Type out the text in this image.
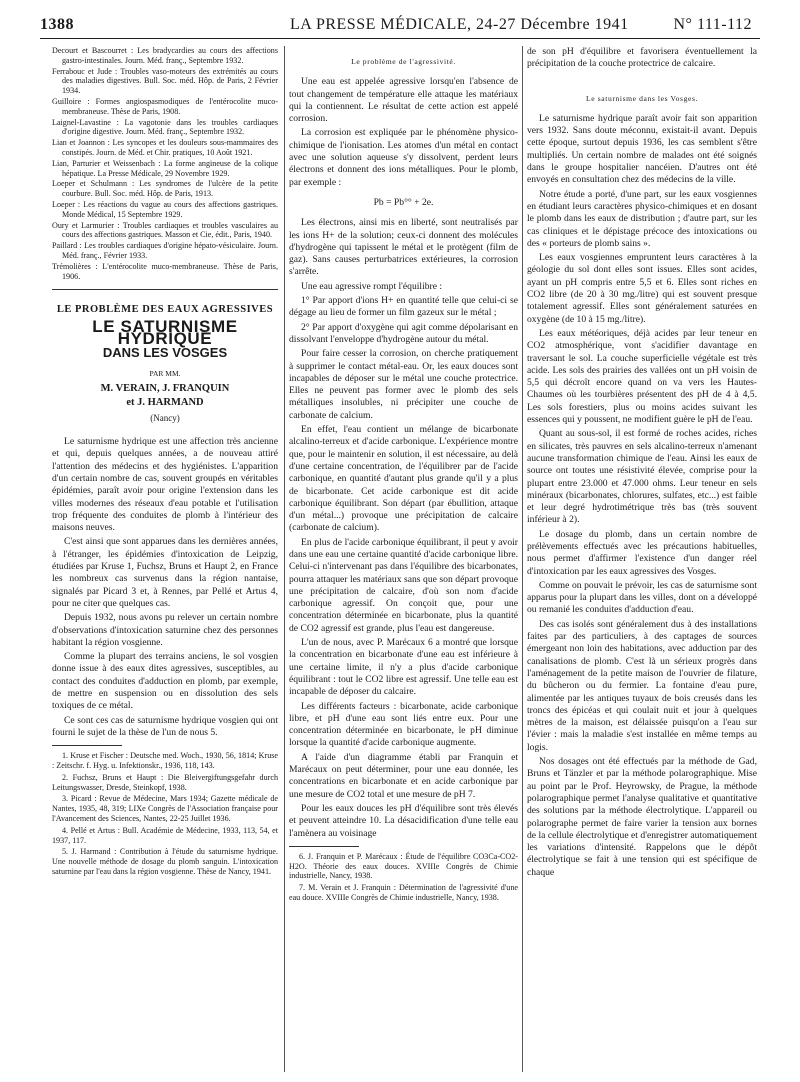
1388	LA PRESSE MÉDICALE, 24-27 Décembre 1941	N° 111-112

Decourt et Bascourret : Les bradycardies au cours des affections gastro-intestinales. Journ. Méd. franç., Septembre 1932.

Ferrabouc et Jude : Troubles vaso-moteurs des extrémités au cours des maladies digestives. Bull. Soc. méd. Hôp. de Paris, 2 Février 1934.

Guilloire : Formes angiospasmodiques de l'entérocolite muco-membraneuse. Thèse de Paris, 1908.

Laignel-Lavastine : La vagotonie dans les troubles cardiaques d'origine digestive. Journ. Méd. franç., Septembre 1932.

Lian et Joannon : Les syncopes et les douleurs sous-mammaires des constipés. Journ. de Méd. et Chir. pratiques, 10 Août 1921.

Lian, Parturier et Weissenbach : La forme angineuse de la colique hépatique. La Presse Médicale, 29 Novembre 1929.

Loeper et Schulmann : Les syndromes de l'ulcère de la petite courbure. Bull. Soc. méd. Hôp. de Paris, 1913.

Loeper : Les réactions du vague au cours des affections gastriques. Monde Médical, 15 Septembre 1929.

Oury et Larmurier : Troubles cardiaques et troubles vasculaires au cours des affections gastriques. Masson et Cie, édit., Paris, 1940.

Paillard : Les troubles cardiaques d'origine hépato-vésiculaire. Journ. Méd. franç., Février 1933.

Trémolières : L'entérocolite muco-membraneuse. Thèse de Paris, 1906.

LE PROBLÈME DES EAUX AGRESSIVES
LE SATURNISME HYDRIQUE
DANS LES VOSGES
PAR MM.
M. VERAIN, J. FRANQUIN
et J. HARMAND
(Nancy)

Le saturnisme hydrique est une affection très ancienne et qui, depuis quelques années, a de nouveau attiré l'attention des médecins et des hygiénistes. L'apparition d'un certain nombre de cas, souvent groupés en véritables épidémies, paraît avoir pour origine l'extension dans les villes modernes des réseaux d'eau potable et l'utilisation trop fréquente des conduites de plomb à l'intérieur des maisons neuves.

C'est ainsi que sont apparues dans les dernières années, à l'étranger, les épidémies d'intoxication de Leipzig, étudiées par Kruse 1, Fuchsz, Bruns et Haupt 2, en France les nombreux cas survenus dans la région nantaise, signalés par Picard 3 et, à Rennes, par Pellé et Artus 4, pour ne citer que quelques cas.

Depuis 1932, nous avons pu relever un certain nombre d'observations d'intoxication saturnine chez des personnes habitant la région vosgienne.

Comme la plupart des terrains anciens, le sol vosgien donne issue à des eaux dites agressives, susceptibles, au contact des conduites d'adduction en plomb, par exemple, de mettre en suspension ou en dissolution des sels toxiques de ce métal.

Ce sont ces cas de saturnisme hydrique vosgien qui ont fourni le sujet de la thèse de l'un de nous 5.

1. Kruse et Fischer : Deutsche med. Woch., 1930, 56, 1814; Kruse : Zeitschr. f. Hyg. u. Infektionskr., 1936, 118, 143.

2. Fuchsz, Bruns et Haupt : Die Bleivergiftungsgefahr durch Leitungswasser, Dresde, Steinkopf, 1938.

3. Picard : Revue de Médecine, Mars 1934; Gazette médicale de Nantes, 1935, 48, 319; LIXe Congrès de l'Association française pour l'Avancement des Sciences, Nantes, 22-25 Juillet 1936.

4. Pellé et Artus : Bull. Académie de Médecine, 1933, 113, 54, et 1937, 117.

5. J. Harmand : Contribution à l'étude du saturnisme hydrique. Une nouvelle méthode de dosage du plomb sanguin. L'intoxication saturnine par l'eau dans la région vosgienne. Thèse de Nancy, 1941.

Le problème de l'agressivité.

Une eau est appelée agressive lorsqu'en l'absence de tout changement de température elle attaque les matériaux qui la contiennent. Le résultat de cette action est appelé corrosion.

La corrosion est expliquée par le phénomène physico-chimique de l'ionisation. Les atomes d'un métal en contact avec une solution aqueuse s'y dissolvent, perdent leurs électrons et donnent des ions métalliques. Pour le plomb, par exemple :

Pb = Pb°° + 2e.

Les électrons, ainsi mis en liberté, sont neutralisés par les ions H+ de la solution; ceux-ci donnent des molécules d'hydrogène qui tapissent le métal et le protègent (film de gaz). Sans causes perturbatrices extérieures, la corrosion s'arrête.

Une eau agressive rompt l'équilibre :

1° Par apport d'ions H+ en quantité telle que celui-ci se dégage au lieu de former un film gazeux sur le métal ;

2° Par apport d'oxygène qui agit comme dépolarisant en dissolvant l'enveloppe d'hydrogène autour du métal.

Pour faire cesser la corrosion, on cherche pratiquement à supprimer le contact métal-eau. Or, les eaux douces sont incapables de déposer sur le métal une couche protectrice. Elles ne peuvent pas former avec le plomb des sels métalliques insolubles, ni précipiter une couche de carbonate de calcium.

En effet, l'eau contient un mélange de bicarbonate alcalino-terreux et d'acide carbonique. L'expérience montre que, pour le maintenir en solution, il est nécessaire, au delà d'une certaine concentration, de l'équilibrer par de l'acide carbonique, en quantité d'autant plus grande qu'il y a plus de bicarbonate. Cet acide carbonique est dit acide carbonique équilibrant. Son départ (par ébullition, attaque d'un métal...) provoque une précipitation de calcaire (carbonate de calcium).

En plus de l'acide carbonique équilibrant, il peut y avoir dans une eau une certaine quantité d'acide carbonique libre. Celui-ci n'intervenant pas dans l'équilibre des bicarbonates, pourra attaquer les matériaux sans que son départ provoque une précipitation de calcaire, d'où son nom d'acide carbonique agressif. On conçoit que, pour une concentration déterminée en bicarbonate, plus la quantité de CO2 agressif est grande, plus l'eau est dangereuse.

L'un de nous, avec P. Marécaux 6 a montré que lorsque la concentration en bicarbonate d'une eau est inférieure à une certaine limite, il n'y a plus d'acide carbonique équilibrant : tout le CO2 libre est agressif. Une telle eau est incapable de déposer du calcaire.

Les différents facteurs : bicarbonate, acide carbonique libre, et pH d'une eau sont liés entre eux. Pour une concentration déterminée en bicarbonate, le pH diminue lorsque la quantité d'acide carbonique augmente.

A l'aide d'un diagramme établi par Franquin et Marécaux on peut déterminer, pour une eau donnée, les concentrations en bicarbonate et en acide carbonique par une mesure de CO2 total et une mesure de pH 7.

Pour les eaux douces les pH d'équilibre sont très élevés et peuvent atteindre 10. La désacidification d'une telle eau l'amènera au voisinage

6. J. Franquin et P. Marécaux : Étude de l'équilibre CO3Ca-CO2-H2O. Théorie des eaux douces. XVIIIe Congrès de Chimie industrielle, Nancy, 1938.

7. M. Verain et J. Franquin : Détermination de l'agressivité d'une eau douce. XVIIIe Congrès de Chimie industrielle, Nancy, 1938.

de son pH d'équilibre et favorisera éventuellement la précipitation de la couche protectrice de calcaire.

Le saturnisme dans les Vosges.

Le saturnisme hydrique paraît avoir fait son apparition vers 1932. Sans doute méconnu, existait-il avant. Depuis cette époque, surtout depuis 1936, les cas semblent s'être multipliés. Un certain nombre de malades ont été soignés dans le groupe hospitalier nancéien. D'autres ont été envoyés en consultation chez des médecins de la ville.

Notre étude a porté, d'une part, sur les eaux vosgiennes en étudiant leurs caractères physico-chimiques et en dosant le plomb dans les eaux de distribution ; d'autre part, sur les cas cliniques et le dépistage précoce des intoxications ou des « porteurs de plomb sains ».

Les eaux vosgiennes empruntent leurs caractères à la géologie du sol dont elles sont issues. Elles sont acides, ayant un pH compris entre 5,5 et 6. Elles sont riches en CO2 libre (de 20 à 30 mg./litre) qui est souvent presque totalement agressif. Elles sont généralement saturées en oxygène (de 10 à 15 mg./litre).

Les eaux météoriques, déjà acides par leur teneur en CO2 atmosphérique, vont s'acidifier davantage en traversant le sol. La couche superficielle végétale est très acide. Les sols des prairies des vallées ont un pH voisin de 5,5 qui décroît encore quand on va vers les Hautes-Chaumes où les tourbières présentent des pH de 4 à 4,5. Les sols forestiers, plus ou moins acides suivant les essences qui y poussent, ne modifient guère le pH de l'eau.

Quant au sous-sol, il est formé de roches acides, riches en silicates, très pauvres en sels alcalino-terreux n'amenant aucune transformation chimique de l'eau. Ainsi les eaux de source ont toutes une résistivité élevée, comprise pour la plupart entre 23.000 et 47.000 ohms. Leur teneur en sels minéraux (bicarbonates, chlorures, sulfates, etc...) est faible et leur degré hydrotimétrique très bas (très souvent inférieur à 2).

Le dosage du plomb, dans un certain nombre de prélèvements effectués avec les précautions habituelles, nous permet d'affirmer l'existence d'un danger réel d'intoxication par les eaux agressives des Vosges.

Comme on pouvait le prévoir, les cas de saturnisme sont apparus pour la plupart dans les villes, dont on a développé ou remanié les conduites d'adduction d'eau.

Des cas isolés sont généralement dus à des installations faites par des particuliers, à des captages de sources émergeant non loin des habitations, avec adduction par des canalisations de plomb. C'est là un sérieux progrès dans l'aménagement de la petite maison de l'ouvrier de filature, du bûcheron ou du fermier. La fontaine d'eau pure, alimentée par les antiques tuyaux de bois creusés dans les troncs des épicéas et qui coulait nuit et jour à quelques mètres de la maison, est délaissée puisqu'on a l'eau sur l'évier : mais la maladie s'est installée en même temps au logis.

Nos dosages ont été effectués par la méthode de Gad, Bruns et Tänzler et par la méthode polarographique. Mise au point par le Prof. Heyrowsky, de Prague, la méthode polarographique permet l'analyse qualitative et quantitative des solutions par la méthode électrolytique. L'appareil ou polarographe permet de faire varier la tension aux bornes de la cellule électrolytique et d'enregistrer automatiquement les variations d'intensité. Rappelons que le dépôt électrolytique se fait à une tension qui est spécifique de chaque
